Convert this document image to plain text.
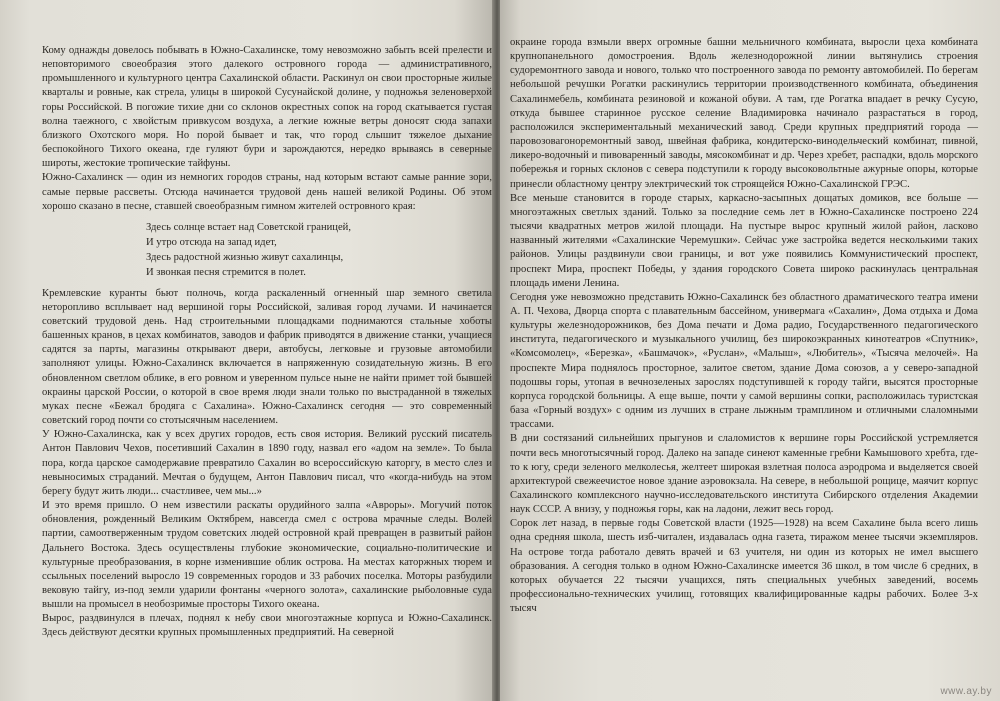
Кому однажды довелось побывать в Южно-Сахалинске, тому невозможно забыть всей прелести и неповторимого своеобразия этого далекого островного города — административного, промышленного и культурного центра Сахалинской области. Раскинул он свои просторные жилые кварталы и ровные, как стрела, улицы в широкой Сусунайской долине, у подножья зеленоверхой горы Российской. В погожие тихие дни со склонов окрестных сопок на город скатывается густая волна таежного, с хвойстым привкусом воздуха, а легкие южные ветры доносят сюда запахи близкого Охотского моря. Но порой бывает и так, что город слышит тяжелое дыхание беспокойного Тихого океана, где гуляют бури и зарождаются, нередко врываясь в северные широты, жестокие тропические тайфуны.

Южно-Сахалинск — один из немногих городов страны, над которым встают самые ранние зори, самые первые рассветы. Отсюда начинается трудовой день нашей великой Родины. Об этом хорошо сказано в песне, ставшей своеобразным гимном жителей островного края:

Здесь солнце встает над Советской границей,
И утро отсюда на запад идет,
Здесь радостной жизнью живут сахалинцы,
И звонкая песня стремится в полет.

Кремлевские куранты бьют полночь, когда раскаленный огненный шар земного светила неторопливо всплывает над вершиной горы Российской, заливая город лучами. И начинается советский трудовой день. Над строительными площадками поднимаются стальные хоботы башенных кранов, в цехах комбинатов, заводов и фабрик приводятся в движение станки, учащиеся садятся за парты, магазины открывают двери, автобусы, легковые и грузовые автомобили заполняют улицы. Южно-Сахалинск включается в напряженную созидательную жизнь. В его обновленном светлом облике, в его ровном и уверенном пульсе ныне не найти примет той бывшей окраины царской России, о которой в свое время люди знали только по выстраданной в тяжелых муках песне «Бежал бродяга с Сахалина». Южно-Сахалинск сегодня — это современный советский город почти со стотысячным населением.

У Южно-Сахалинска, как у всех других городов, есть своя история. Великий русский писатель Антон Павлович Чехов, посетивший Сахалин в 1890 году, назвал его «адом на земле». То была пора, когда царское самодержавие превратило Сахалин во всероссийскую каторгу, в место слез и невыносимых страданий. Мечтая о будущем, Антон Павлович писал, что «когда-нибудь на этом берегу будут жить люди... счастливее, чем мы...»

И это время пришло. О нем известили раскаты орудийного залпа «Авроры». Могучий поток обновления, рожденный Великим Октябрем, навсегда смел с острова мрачные следы. Волей партии, самоотверженным трудом советских людей островной край превращен в развитый район Дальнего Востока. Здесь осуществлены глубокие экономические, социально-политические и культурные преобразования, в корне изменившие облик острова. На местах каторжных тюрем и ссыльных поселений выросло 19 современных городов и 33 рабочих поселка. Моторы разбудили вековую тайгу, из-под земли ударили фонтаны «черного золота», сахалинские рыболовные суда вышли на промысел в необозримые просторы Тихого океана.

Вырос, раздвинулся в плечах, поднял к небу свои многоэтажные корпуса и Южно-Сахалинск. Здесь действуют десятки крупных промышленных предприятий. На северной

окраине города взмыли вверх огромные башни мельничного комбината, выросли цеха комбината крупнопанельного домостроения. Вдоль железнодорожной линии вытянулись строения судоремонтного завода и нового, только что построенного завода по ремонту автомобилей. По берегам небольшой речушки Рогатки раскинулись территории производственного комбината, объединения Сахалинмебель, комбината резиновой и кожаной обуви. А там, где Рогатка впадает в речку Сусую, откуда бывшее старинное русское селение Владимировка начинало разрастаться в город, расположился экспериментальный механический завод. Среди крупных предприятий города — паровозовагоноремонтный завод, швейная фабрика, кондитерско-винодельческий комбинат, пивной, ликеро-водочный и пивоваренный заводы, мясокомбинат и др. Через хребет, распадки, вдоль морского побережья и горных склонов с севера подступили к городу высоковольтные ажурные опоры, которые принесли областному центру электрический ток строящейся Южно-Сахалинской ГРЭС.

Все меньше становится в городе старых, каркасно-засыпных дощатых домиков, все больше — многоэтажных светлых зданий. Только за последние семь лет в Южно-Сахалинске построено 224 тысячи квадратных метров жилой площади. На пустыре вырос крупный жилой район, ласково названный жителями «Сахалинские Черемушки». Сейчас уже застройка ведется несколькими таких районов. Улицы раздвинули свои границы, и вот уже появились Коммунистический проспект, проспект Мира, проспект Победы, у здания городского Совета широко раскинулась центральная площадь имени Ленина.

Сегодня уже невозможно представить Южно-Сахалинск без областного драматического театра имени А. П. Чехова, Дворца спорта с плавательным бассейном, универмага «Сахалин», Дома отдыха и Дома культуры железнодорожников, без Дома печати и Дома радио, Государственного педагогического института, педагогического и музыкального училищ, без широкоэкранных кинотеатров «Спутник», «Комсомолец», «Березка», «Башмачок», «Руслан», «Малыш», «Любитель», «Тысяча мелочей». На проспекте Мира поднялось просторное, залитое светом, здание Дома союзов, а у северо-западной подошвы горы, утопая в вечнозеленых зарослях подступившей к городу тайги, высятся просторные корпуса городской больницы. А еще выше, почти у самой вершины сопки, расположилась туристская база «Горный воздух» с одним из лучших в стране лыжным трамплином и отличными слаломными трассами.

В дни состязаний сильнейших прыгунов и слаломистов к вершине горы Российской устремляется почти весь многотысячный город. Далеко на западе синеют каменные гребни Камышового хребта, где-то к югу, среди зеленого мелколесья, желтеет широкая взлетная полоса аэродрома и выделяется своей архитектурой свежеечистое новое здание аэровокзала. На севере, в небольшой рощице, маячит корпус Сахалинского комплексного научно-исследовательского института Сибирского отделения Академии наук СССР. А внизу, у подножья горы, как на ладони, лежит весь город.

Сорок лет назад, в первые годы Советской власти (1925—1928) на всем Сахалине была всего лишь одна средняя школа, шесть изб-читален, издавалась одна газета, тиражом менее тысячи экземпляров. На острове тогда работало девять врачей и 63 учителя, ни один из которых не имел высшего образования. А сегодня только в одном Южно-Сахалинске имеется 36 школ, в том числе 6 средних, в которых обучается 22 тысячи учащихся, пять специальных учебных заведений, восемь профессионально-технических училищ, готовящих квалифицированные кадры рабочих. Более 3-х тысяч

www.ay.by
